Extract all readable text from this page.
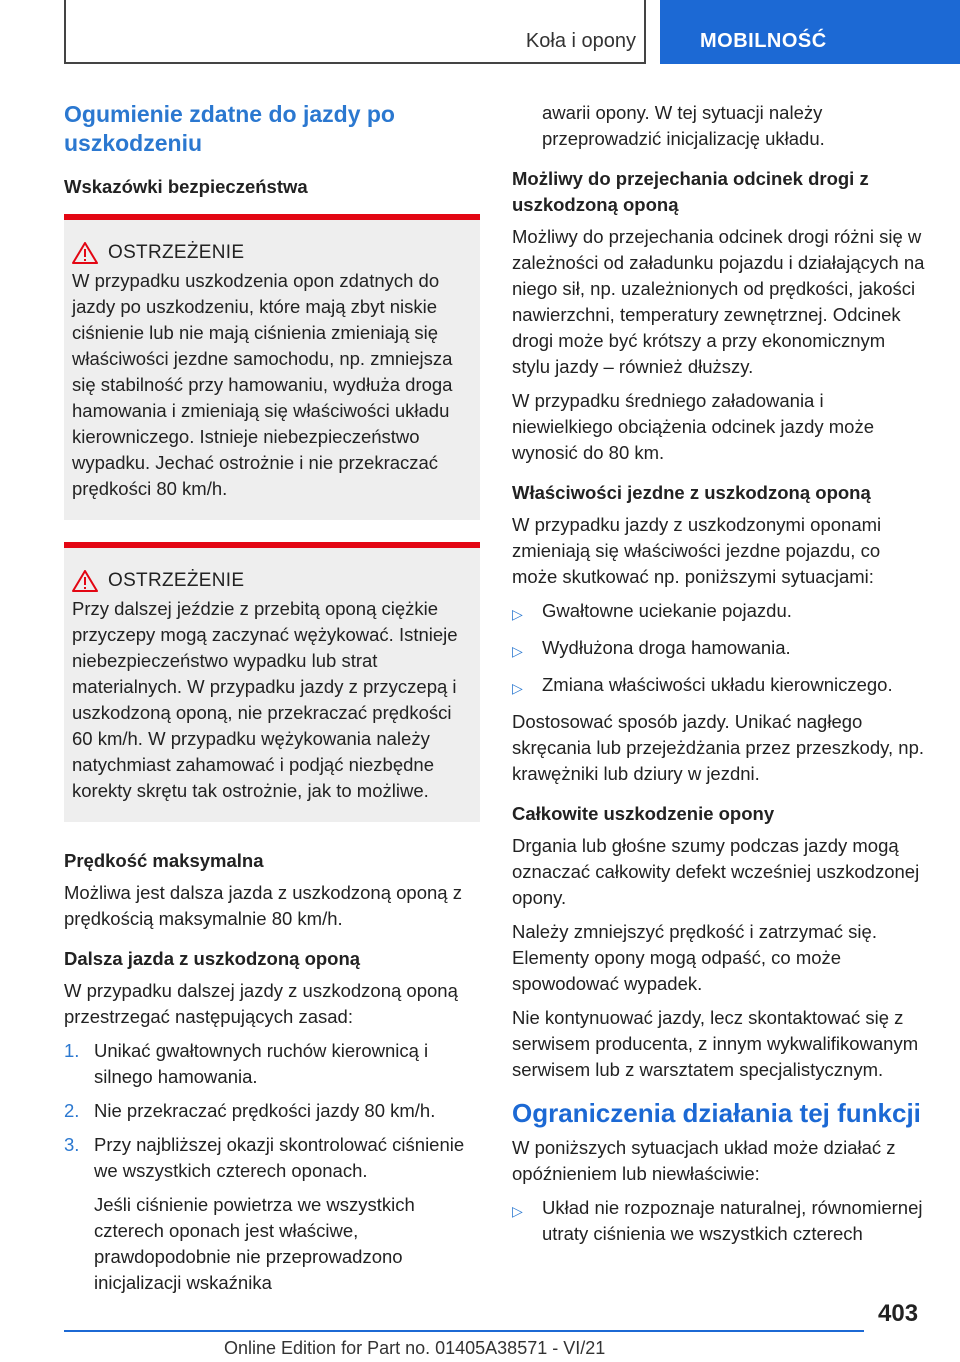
Koła i opony	MOBILNOŚĆ
Ogumienie zdatne do jazdy po uszkodzeniu
Wskazówki bezpieczeństwa
OSTRZEŻENIE
W przypadku uszkodzenia opon zdatnych do jazdy po uszkodzeniu, które mają zbyt niskie ciśnienie lub nie mają ciśnienia zmieniają się właściwości jezdne samochodu, np. zmniejsza się stabilność przy hamowaniu, wydłuża droga hamowania i zmieniają się właściwości układu kierowniczego. Istnieje niebezpieczeństwo wypadku. Jechać ostrożnie i nie przekraczać prędkości 80 km/h.
OSTRZEŻENIE
Przy dalszej jeździe z przebitą oponą ciężkie przyczepy mogą zaczynać wężykować. Istnieje niebezpieczeństwo wypadku lub strat materialnych. W przypadku jazdy z przyczepą i uszkodzoną oponą, nie przekraczać prędkości 60 km/h. W przypadku wężykowania należy natychmiast zahamować i podjąć niezbędne korekty skrętu tak ostrożnie, jak to możliwe.
Prędkość maksymalna

Możliwa jest dalsza jazda z uszkodzoną oponą z prędkością maksymalnie 80 km/h.

Dalsza jazda z uszkodzoną oponą

W przypadku dalszej jazdy z uszkodzoną oponą przestrzegać następujących zasad:

1. Unikać gwałtownych ruchów kierownicą i silnego hamowania.
2. Nie przekraczać prędkości jazdy 80 km/h.
3. Przy najbliższej okazji skontrolować ciśnienie we wszystkich czterech oponach.

Jeśli ciśnienie powietrza we wszystkich czterech oponach jest właściwe, prawdopodobnie nie przeprowadzono inicjalizacji wskaźnika

awarii opony. W tej sytuacji należy przeprowadzić inicjalizację układu.

Możliwy do przejechania odcinek drogi z uszkodzoną oponą

Możliwy do przejechania odcinek drogi różni się w zależności od załadunku pojazdu i działających na niego sił, np. uzależnionych od prędkości, jakości nawierzchni, temperatury zewnętrznej. Odcinek drogi może być krótszy a przy ekonomicznym stylu jazdy – również dłuższy.

W przypadku średniego załadowania i niewielkiego obciążenia odcinek jazdy może wynosić do 80 km.

Właściwości jezdne z uszkodzoną oponą

W przypadku jazdy z uszkodzonymi oponami zmieniają się właściwości jezdne pojazdu, co może skutkować np. poniższymi sytuacjami:

▷	Gwałtowne uciekanie pojazdu.
▷	Wydłużona droga hamowania.
▷	Zmiana właściwości układu kierowniczego.

Dostosować sposób jazdy. Unikać nagłego skręcania lub przejeżdżania przez przeszkody, np. krawężniki lub dziury w jezdni.

Całkowite uszkodzenie opony

Drgania lub głośne szumy podczas jazdy mogą oznaczać całkowity defekt wcześniej uszkodzonej opony.

Należy zmniejszyć prędkość i zatrzymać się. Elementy opony mogą odpaść, co może spowodować wypadek.

Nie kontynuować jazdy, lecz skontaktować się z serwisem producenta, z innym wykwalifikowanym serwisem lub z warsztatem specjalistycznym.

Ograniczenia działania tej funkcji

W poniższych sytuacjach układ może działać z opóźnieniem lub niewłaściwie:

▷	Układ nie rozpoznaje naturalnej, równomiernej utraty ciśnienia we wszystkich czterech
403
Online Edition for Part no. 01405A38571 - VI/21
